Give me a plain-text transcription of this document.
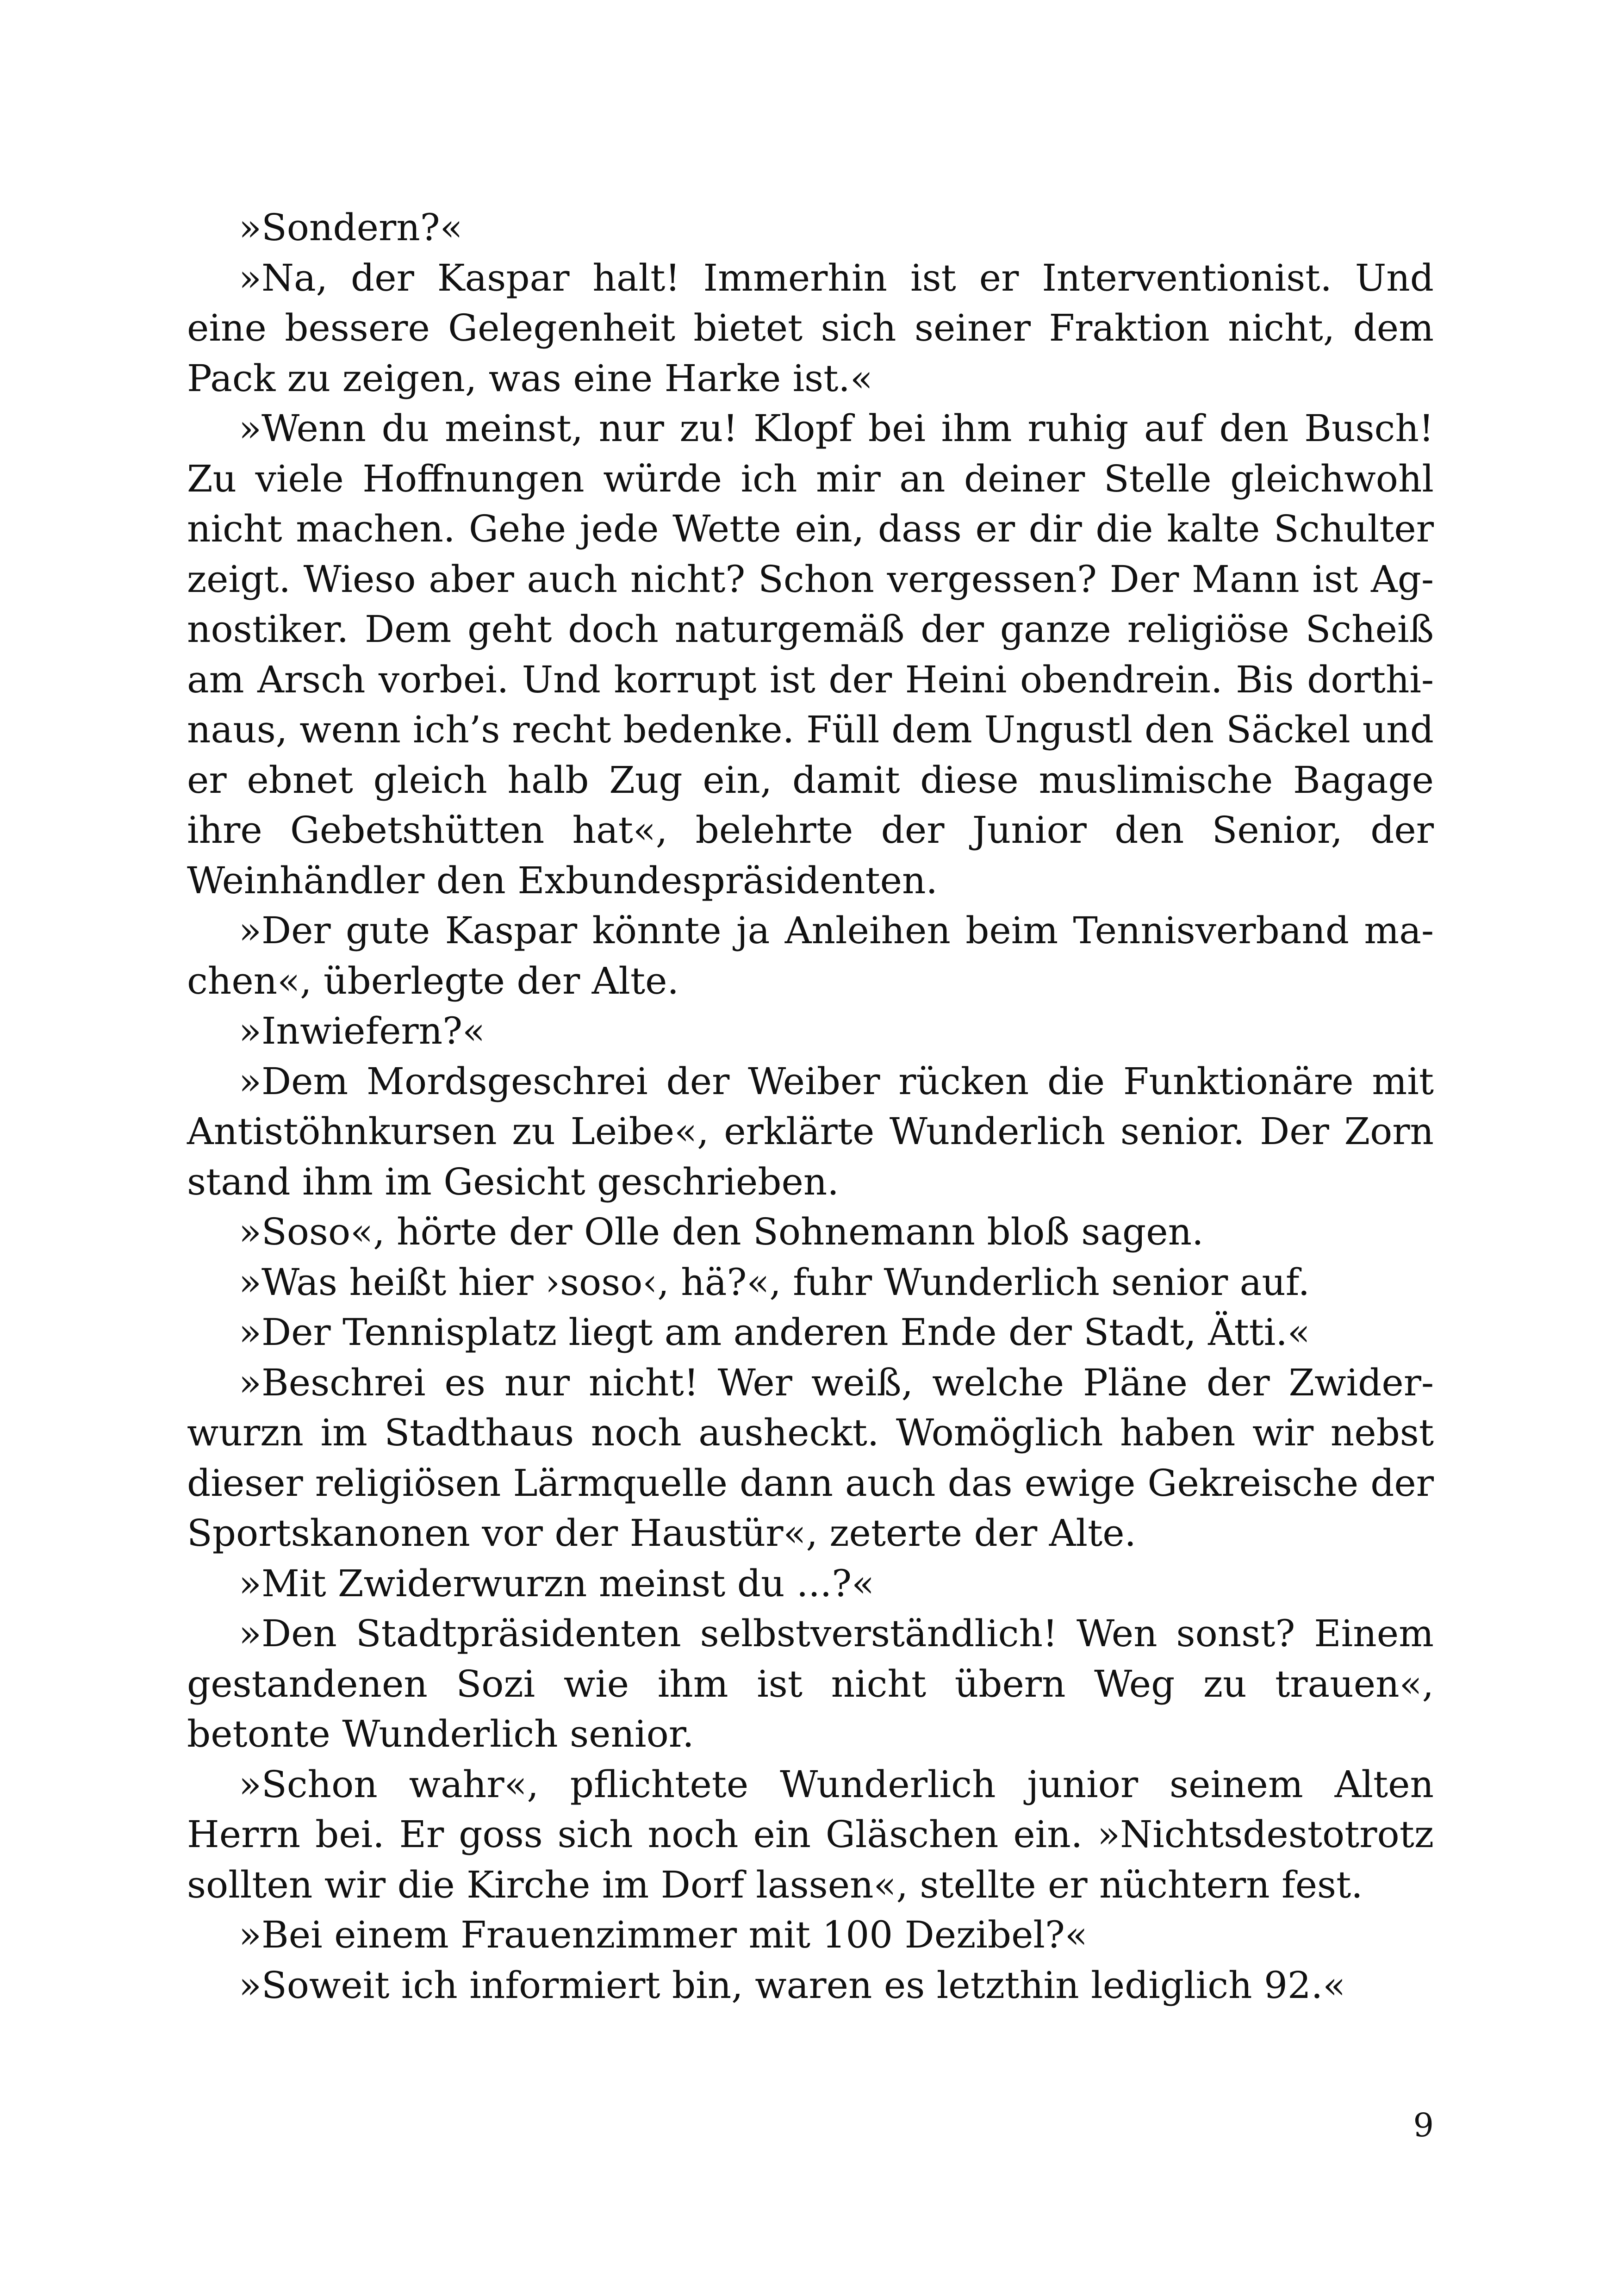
»Sondern?«

»Na, der Kaspar halt! Immerhin ist er Interventionist. Und eine bessere Gelegenheit bietet sich seiner Fraktion nicht, dem Pack zu zeigen, was eine Harke ist.«

»Wenn du meinst, nur zu! Klopf bei ihm ruhig auf den Busch! Zu viele Hoffnungen würde ich mir an deiner Stelle gleichwohl nicht machen. Gehe jede Wette ein, dass er dir die kalte Schulter zeigt. Wieso aber auch nicht? Schon vergessen? Der Mann ist Agnostiker. Dem geht doch naturgemäß der ganze religiöse Scheiß am Arsch vorbei. Und korrupt ist der Heini obendrein. Bis dorthinaus, wenn ich’s recht bedenke. Füll dem Ungustl den Säckel und er ebnet gleich halb Zug ein, damit diese muslimische Bagage ihre Gebetshütten hat«, belehrte der Junior den Senior, der Weinhändler den Exbundespräsidenten.

»Der gute Kaspar könnte ja Anleihen beim Tennisverband machen«, überlegte der Alte.

»Inwiefern?«

»Dem Mordsgeschrei der Weiber rücken die Funktionäre mit Antistöhnkursen zu Leibe«, erklärte Wunderlich senior. Der Zorn stand ihm im Gesicht geschrieben.

»Soso«, hörte der Olle den Sohnemann bloß sagen.

»Was heißt hier ›soso‹, hä?«, fuhr Wunderlich senior auf.

»Der Tennisplatz liegt am anderen Ende der Stadt, Ätti.«

»Beschrei es nur nicht! Wer weiß, welche Pläne der Zwiderwurzn im Stadthaus noch ausheckt. Womöglich haben wir nebst dieser religiösen Lärmquelle dann auch das ewige Gekreische der Sportskanonen vor der Haustür«, zeterte der Alte.

»Mit Zwiderwurzn meinst du ...?«

»Den Stadtpräsidenten selbstverständlich! Wen sonst? Einem gestandenen Sozi wie ihm ist nicht übern Weg zu trauen«, betonte Wunderlich senior.

»Schon wahr«, pflichtete Wunderlich junior seinem Alten Herrn bei. Er goss sich noch ein Gläschen ein. »Nichtsdestotrotz sollten wir die Kirche im Dorf lassen«, stellte er nüchtern fest.

»Bei einem Frauenzimmer mit 100 Dezibel?«

»Soweit ich informiert bin, waren es letzthin lediglich 92.«

9
